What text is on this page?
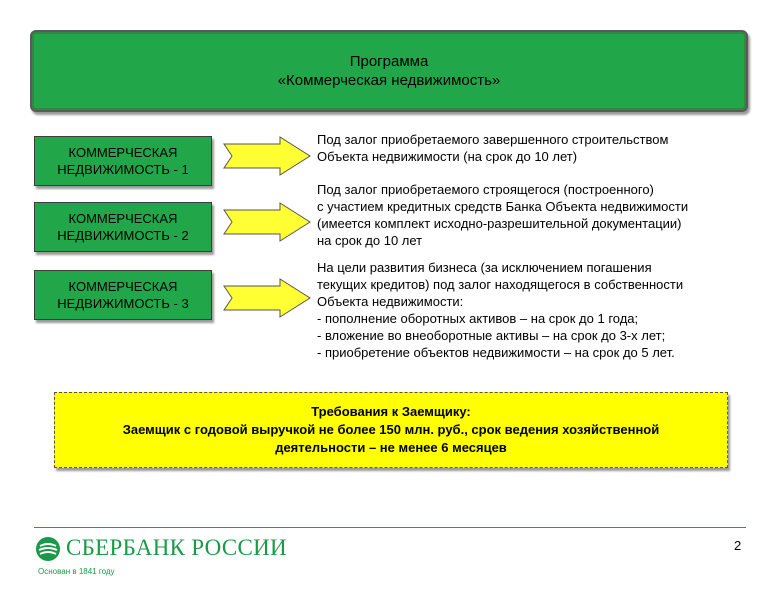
Программа
«Коммерческая недвижимость»
КОММЕРЧЕСКАЯ
НЕДВИЖИМОСТЬ - 1
КОММЕРЧЕСКАЯ
НЕДВИЖИМОСТЬ - 2
КОММЕРЧЕСКАЯ
НЕДВИЖИМОСТЬ - 3
Под залог приобретаемого завершенного строительством
Объекта недвижимости (на срок до 10 лет)
Под залог приобретаемого строящегося (построенного)
с участием кредитных средств Банка Объекта недвижимости
(имеется комплект исходно-разрешительной документации)
на срок до 10 лет
На цели развития бизнеса (за исключением погашения
текущих кредитов) под залог находящегося в собственности
Объекта недвижимости:
- пополнение оборотных активов – на срок до 1 года;
- вложение во внеоборотные активы – на срок до 3-х лет;
- приобретение объектов недвижимости – на срок до 5 лет.
Требования к Заемщику:
Заемщик с годовой выручкой не более 150 млн. руб., срок ведения хозяйственной
деятельности – не менее 6 месяцев
СБЕРБАНК РОССИИ
Основан в 1841 году
2
